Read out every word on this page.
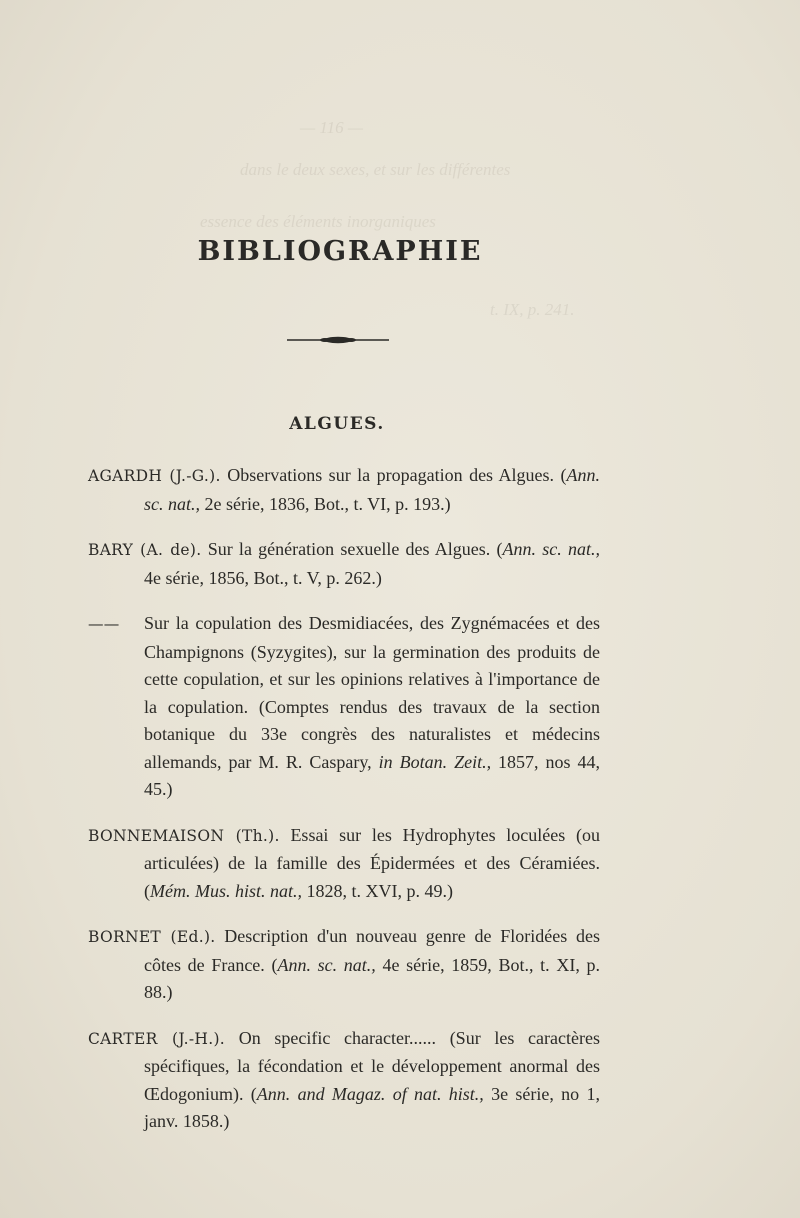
— 116 —
dans le deux sexes, et sur les différentes
essence des éléments inorganiques
t. IX, p. 241.
BIBLIOGRAPHIE
ALGUES.

AGARDH (J.-G.). Observations sur la propagation des Algues. (Ann. sc. nat., 2e série, 1836, Bot., t. VI, p. 193.)

BARY (A. de). Sur la génération sexuelle des Algues. (Ann. sc. nat., 4e série, 1856, Bot., t. V, p. 262.)

—— Sur la copulation des Desmidiacées, des Zygnémacées et des Champignons (Syzygites), sur la germination des produits de cette copulation, et sur les opinions relatives à l'importance de la copulation. (Comptes rendus des travaux de la section botanique du 33e congrès des naturalistes et médecins allemands, par M. R. Caspary, in Botan. Zeit., 1857, nos 44, 45.)

BONNEMAISON (Th.). Essai sur les Hydrophytes loculées (ou articulées) de la famille des Épidermées et des Céramiées. (Mém. Mus. hist. nat., 1828, t. XVI, p. 49.)

BORNET (Ed.). Description d'un nouveau genre de Floridées des côtes de France. (Ann. sc. nat., 4e série, 1859, Bot., t. XI, p. 88.)

CARTER (J.-H.). On specific character...... (Sur les caractères spécifiques, la fécondation et le développement anormal des Œdogonium). (Ann. and Magaz. of nat. hist., 3e série, no 1, janv. 1858.)
